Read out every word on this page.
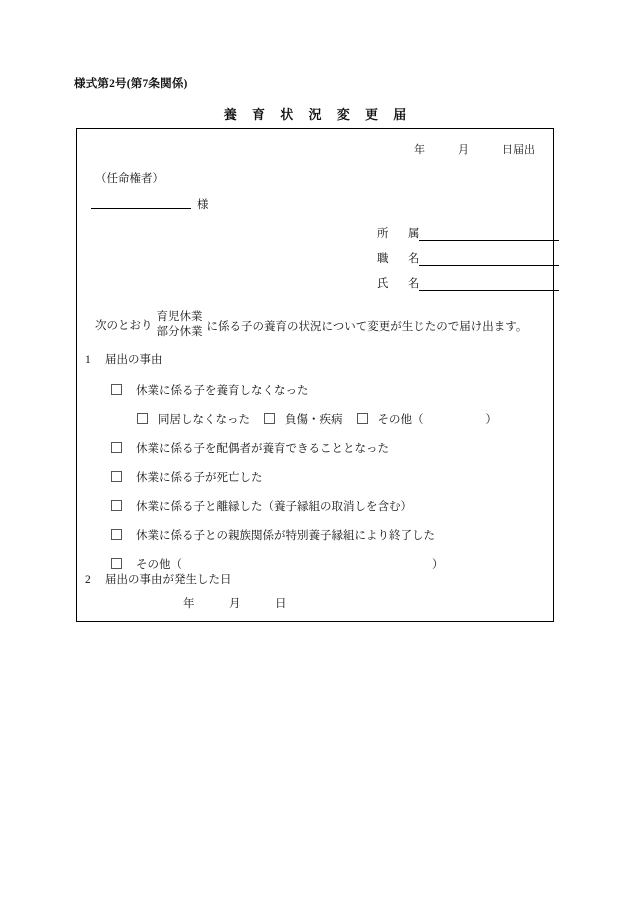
様式第2号(第7条関係)
養 育 状 況 変 更 届
年　　　月　　　日届出
（任命権者）
様
所　属
職　名
氏　名
次のとおり
育児休業
部分休業 に係る子の養育の状況について変更が生じたので届け出ます。
1 届出の事由
休業に係る子を養育しなくなった
同居しなくなった	負傷・疾病	その他（	）
休業に係る子を配偶者が養育できることとなった
休業に係る子が死亡した
休業に係る子と離縁した（養子縁組の取消しを含む）
休業に係る子との親族関係が特別養子縁組により終了した
その他（	）
2 届出の事由が発生した日
年　　　月　　　日
